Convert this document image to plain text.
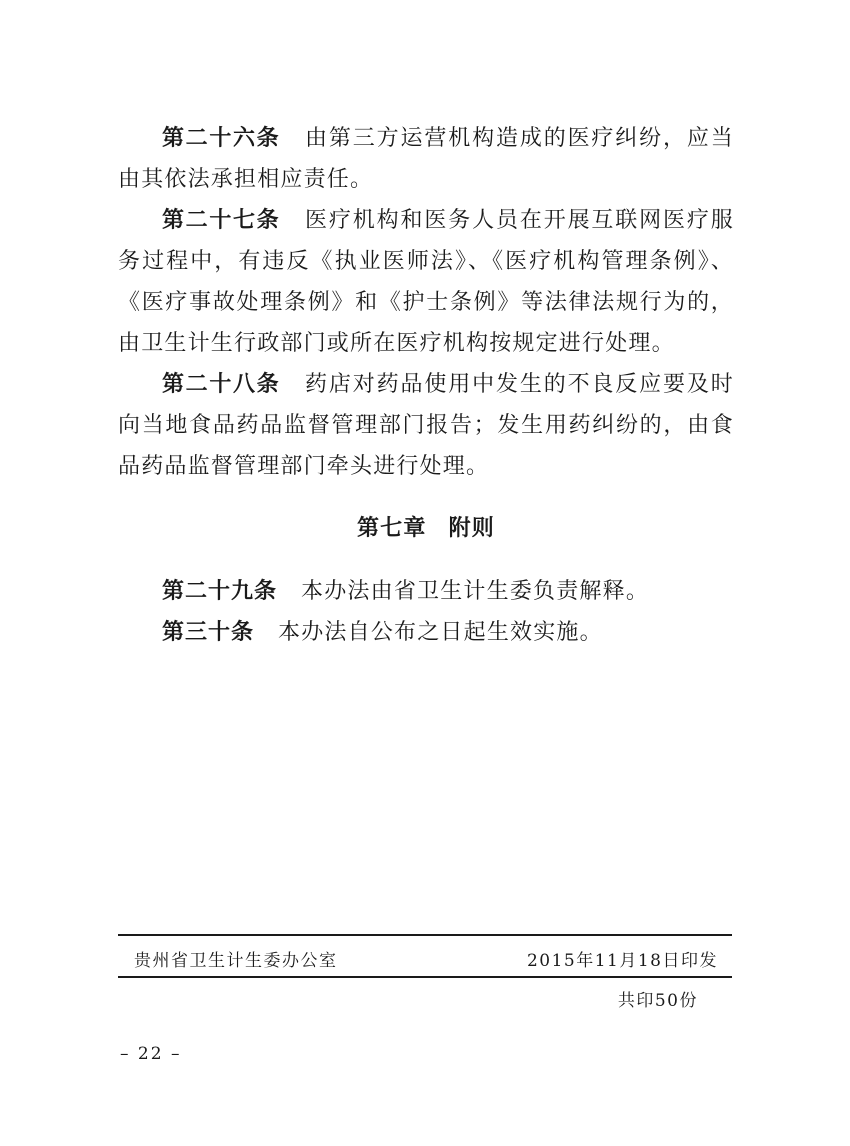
第二十六条 由第三方运营机构造成的医疗纠纷，应当由其依法承担相应责任。

第二十七条 医疗机构和医务人员在开展互联网医疗服务过程中，有违反《执业医师法》、《医疗机构管理条例》、《医疗事故处理条例》和《护士条例》等法律法规行为的，由卫生计生行政部门或所在医疗机构按规定进行处理。

第二十八条 药店对药品使用中发生的不良反应要及时向当地食品药品监督管理部门报告；发生用药纠纷的，由食品药品监督管理部门牵头进行处理。

第七章 附则

第二十九条 本办法由省卫生计生委负责解释。

第三十条 本办法自公布之日起生效实施。

贵州省卫生计生委办公室	2015年11月18日印发
共印50份
– 22 –
